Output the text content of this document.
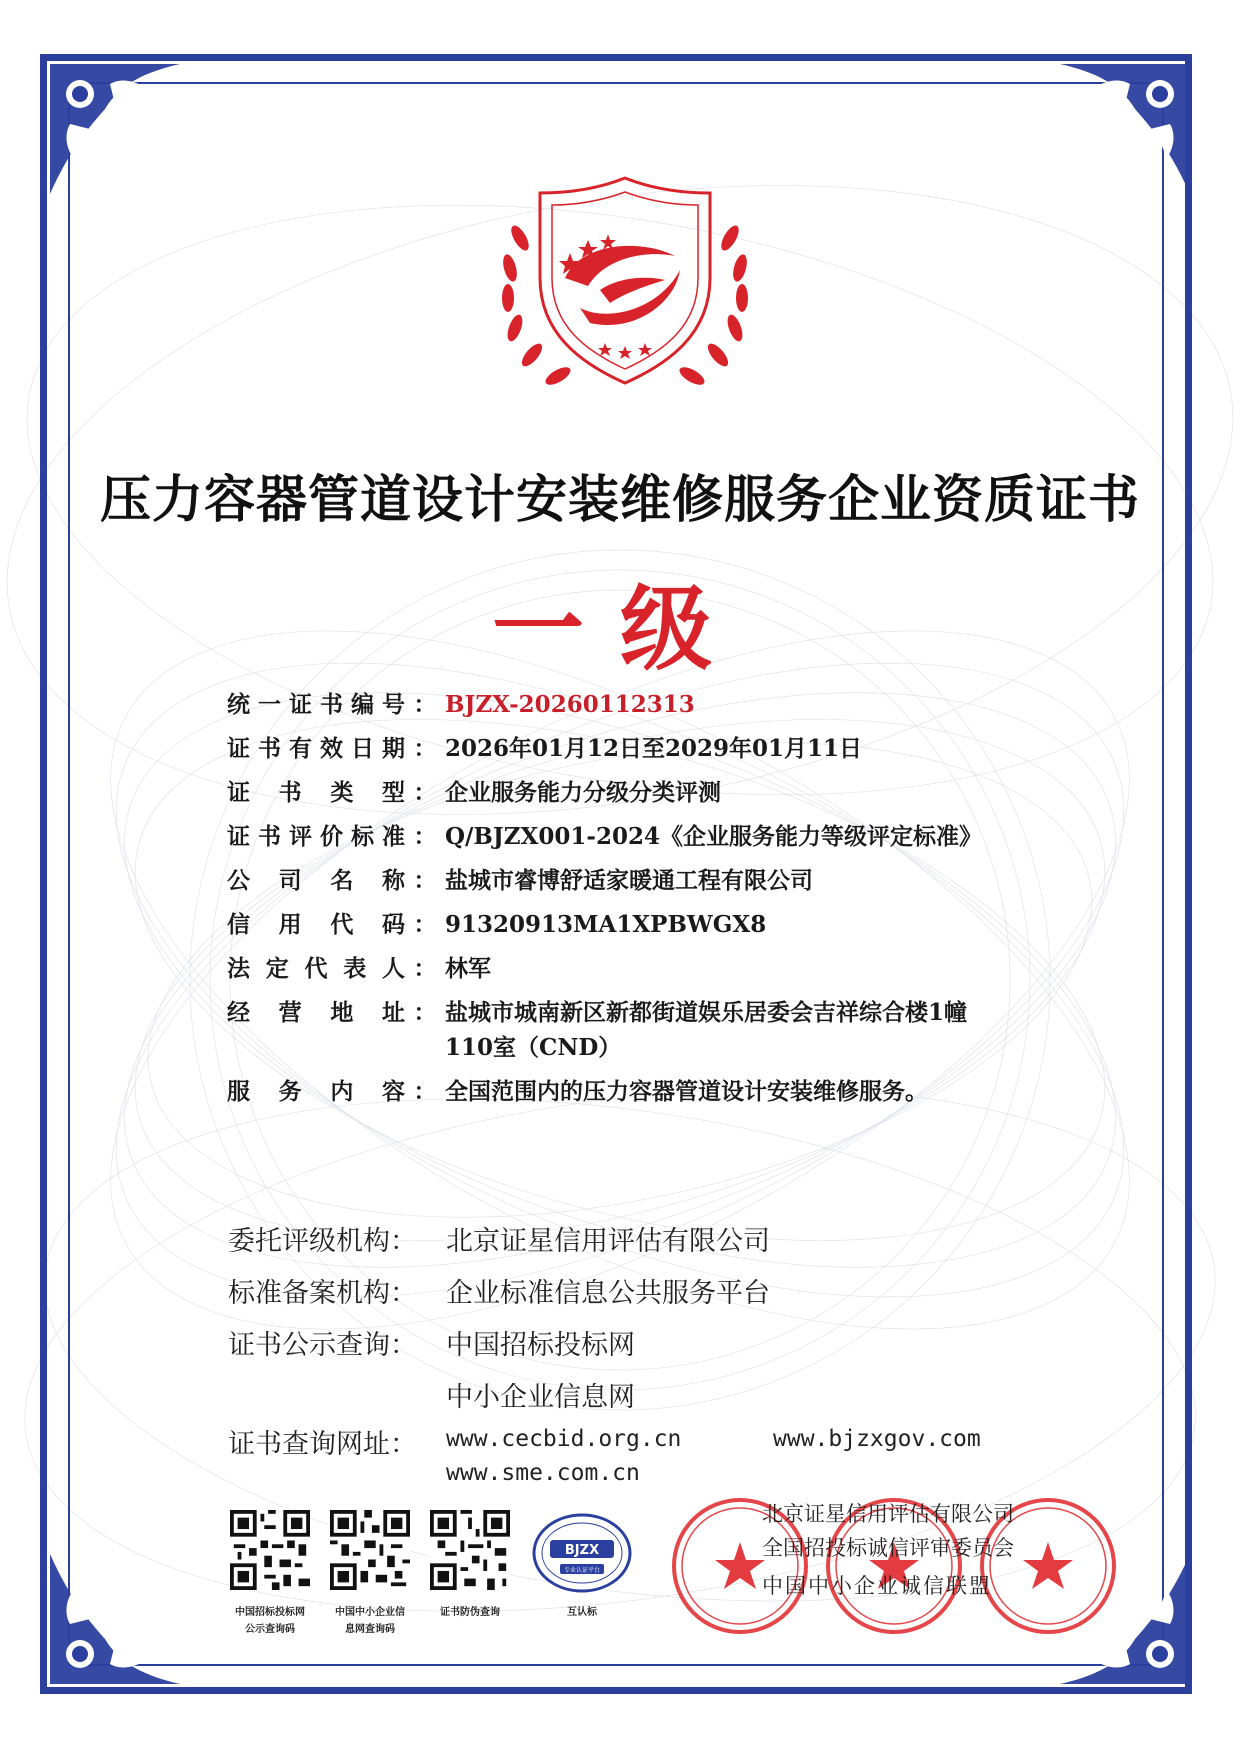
压力容器管道设计安装维修服务企业资质证书
一级
统一证书编号 ： BJZX-20260112313
证书有效日期 ： 2026年01月12日至2029年01月11日
证书类型 ： 企业服务能力分级分类评测
证书评价标准 ： Q/BJZX001-2024《企业服务能力等级评定标准》
公司名称 ： 盐城市睿博舒适家暖通工程有限公司
信用代码 ： 91320913MA1XPBWGX8
法定代表人 ： 林军
经营地址 ： 盐城市城南新区新都街道娱乐居委会吉祥综合楼1幢
110室（CND）
服务内容 ： 全国范围内的压力容器管道设计安装维修服务。
委托评级机构：	北京证星信用评估有限公司
标准备案机构：	企业标准信息公共服务平台
证书公示查询：	中国招标投标网
中小企业信息网
证书查询网址： www.cecbid.org.cn	www.bjzxgov.com
www.sme.com.cn
中国招标投标网
公示查询码
中国中小企业信
息网查询码
证书防伪查询
BJZX
专业认证平台
互认标
北京证星信用评估有限公司
全国招投标诚信评审委员会
中国中小企业诚信联盟
